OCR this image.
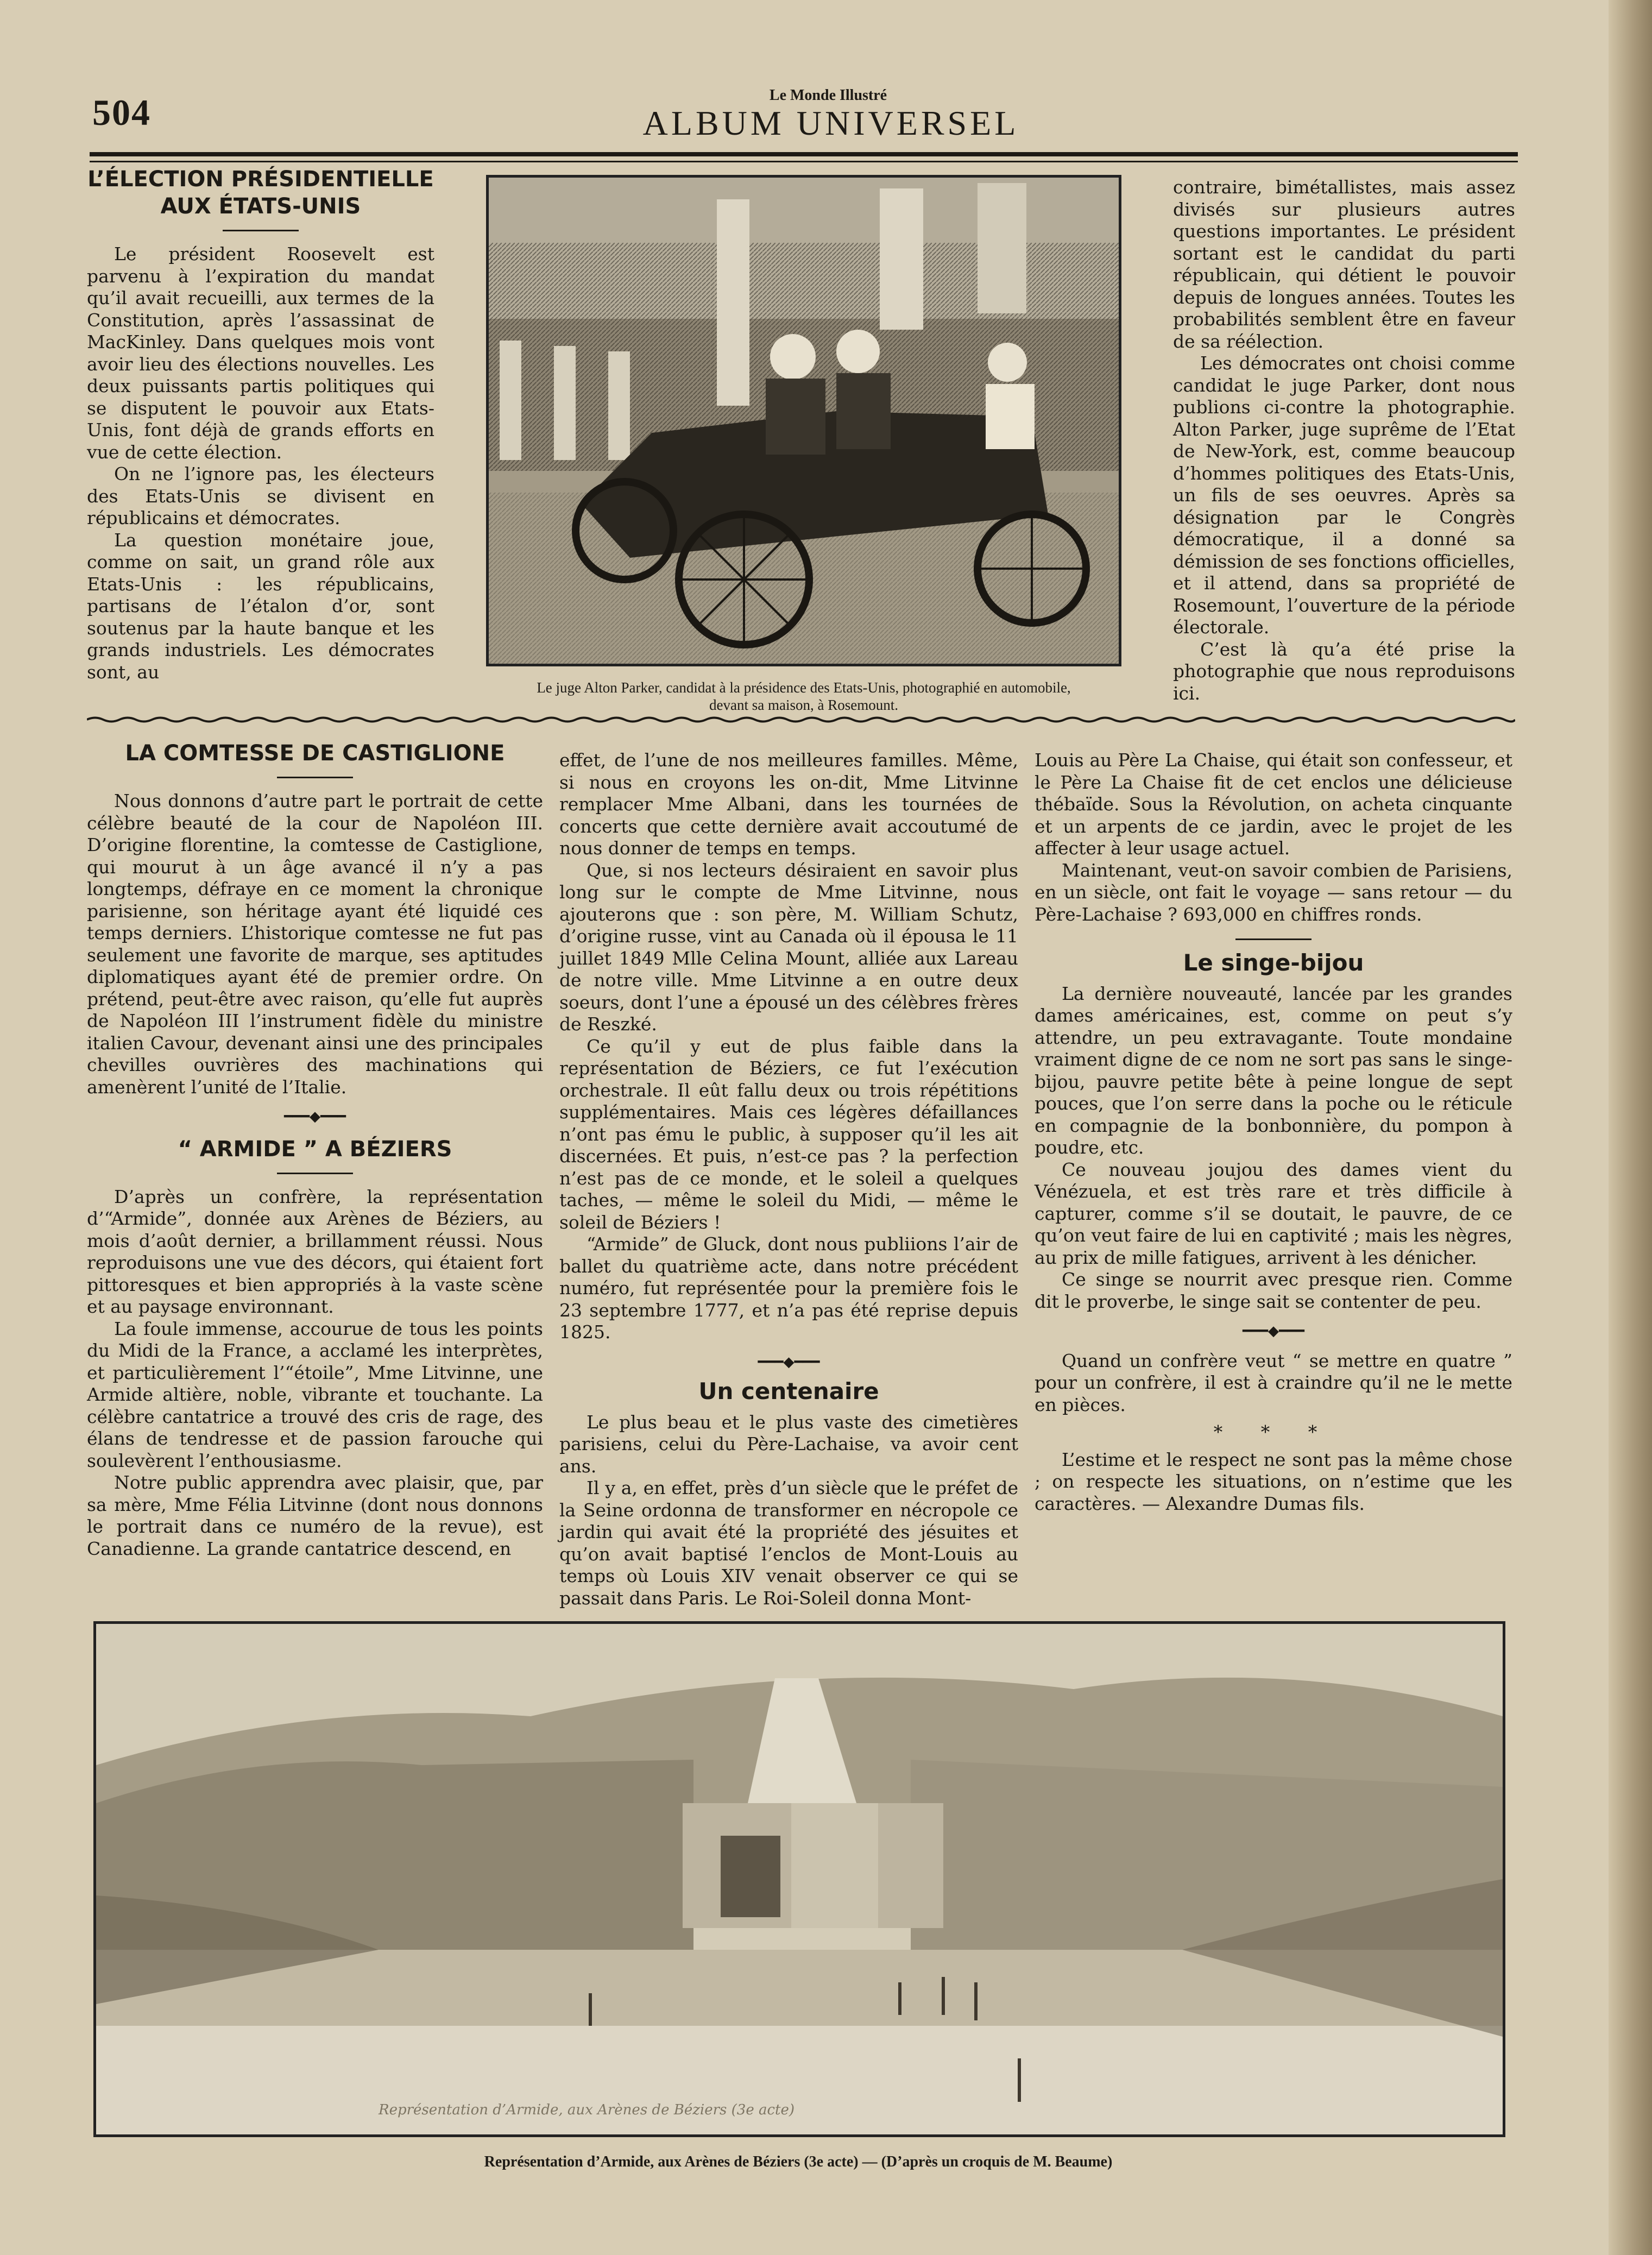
504	Le Monde Illustré
ALBUM UNIVERSEL
L’ÉLECTION PRÉSIDENTIELLE AUX ÉTATS-UNIS

Le président Roosevelt est parvenu à l’expiration du mandat qu’il avait recueilli, aux termes de la Constitution, après l’assassinat de MacKinley. Dans quelques mois vont avoir lieu des élections nouvelles. Les deux puissants partis politiques qui se disputent le pouvoir aux Etats-Unis, font déjà de grands efforts en vue de cette élection.

On ne l’ignore pas, les électeurs des Etats-Unis se divisent en républicains et démocrates.

La question monétaire joue, comme on sait, un grand rôle aux Etats-Unis : les républicains, partisans de l’étalon d’or, sont soutenus par la haute banque et les grands industriels. Les démocrates sont, au

Le juge Alton Parker, candidat à la présidence des Etats-Unis, photographié en automobile,
devant sa maison, à Rosemount.

contraire, bimétallistes, mais assez divisés sur plusieurs autres questions importantes. Le président sortant est le candidat du parti républicain, qui détient le pouvoir depuis de longues années. Toutes les probabilités semblent être en faveur de sa réélection.

Les démocrates ont choisi comme candidat le juge Parker, dont nous publions ci-contre la photographie. Alton Parker, juge suprême de l’Etat de New-York, est, comme beaucoup d’hommes politiques des Etats-Unis, un fils de ses oeuvres. Après sa désignation par le Congrès démocratique, il a donné sa démission de ses fonctions officielles, et il attend, dans sa propriété de Rosemount, l’ouverture de la période électorale.

C’est là qu’a été prise la photographie que nous reproduisons ici.

LA COMTESSE DE CASTIGLIONE

Nous donnons d’autre part le portrait de cette célèbre beauté de la cour de Napoléon III. D’origine florentine, la comtesse de Castiglione, qui mourut à un âge avancé il n’y a pas longtemps, défraye en ce moment la chronique parisienne, son héritage ayant été liquidé ces temps derniers. L’historique comtesse ne fut pas seulement une favorite de marque, ses aptitudes diplomatiques ayant été de premier ordre. On prétend, peut-être avec raison, qu’elle fut auprès de Napoléon III l’instrument fidèle du ministre italien Cavour, devenant ainsi une des principales chevilles ouvrières des machinations qui amenèrent l’unité de l’Italie.

━━━◆━━━
“ ARMIDE ” A BÉZIERS

D’après un confrère, la représentation d’“Armide”, donnée aux Arènes de Béziers, au mois d’août dernier, a brillamment réussi. Nous reproduisons une vue des décors, qui étaient fort pittoresques et bien appropriés à la vaste scène et au paysage environnant.

La foule immense, accourue de tous les points du Midi de la France, a acclamé les interprètes, et particulièrement l’“étoile”, Mme Litvinne, une Armide altière, noble, vibrante et touchante. La célèbre cantatrice a trouvé des cris de rage, des élans de tendresse et de passion farouche qui soulevèrent l’enthousiasme.

Notre public apprendra avec plaisir, que, par sa mère, Mme Félia Litvinne (dont nous donnons le portrait dans ce numéro de la revue), est Canadienne. La grande cantatrice descend, en

effet, de l’une de nos meilleures familles. Même, si nous en croyons les on-dit, Mme Litvinne remplacer Mme Albani, dans les tournées de concerts que cette dernière avait accoutumé de nous donner de temps en temps.

Que, si nos lecteurs désiraient en savoir plus long sur le compte de Mme Litvinne, nous ajouterons que : son père, M. William Schutz, d’origine russe, vint au Canada où il épousa le 11 juillet 1849 Mlle Celina Mount, alliée aux Lareau de notre ville. Mme Litvinne a en outre deux soeurs, dont l’une a épousé un des célèbres frères de Reszké.

Ce qu’il y eut de plus faible dans la représentation de Béziers, ce fut l’exécution orchestrale. Il eût fallu deux ou trois répétitions supplémentaires. Mais ces légères défaillances n’ont pas ému le public, à supposer qu’il les ait discernées. Et puis, n’est-ce pas ? la perfection n’est pas de ce monde, et le soleil a quelques taches, — même le soleil du Midi, — même le soleil de Béziers !

“Armide” de Gluck, dont nous publiions l’air de ballet du quatrième acte, dans notre précédent numéro, fut représentée pour la première fois le 23 septembre 1777, et n’a pas été reprise depuis 1825.

━━━◆━━━
Un centenaire

Le plus beau et le plus vaste des cimetières parisiens, celui du Père-Lachaise, va avoir cent ans.

Il y a, en effet, près d’un siècle que le préfet de la Seine ordonna de transformer en nécropole ce jardin qui avait été la propriété des jésuites et qu’on avait baptisé l’enclos de Mont-Louis au temps où Louis XIV venait observer ce qui se passait dans Paris. Le Roi-Soleil donna Mont-

Louis au Père La Chaise, qui était son confesseur, et le Père La Chaise fit de cet enclos une délicieuse thébaïde. Sous la Révolution, on acheta cinquante et un arpents de ce jardin, avec le projet de les affecter à leur usage actuel.

Maintenant, veut-on savoir combien de Parisiens, en un siècle, ont fait le voyage — sans retour — du Père-Lachaise ? 693,000 en chiffres ronds.

Le singe-bijou

La dernière nouveauté, lancée par les grandes dames américaines, est, comme on peut s’y attendre, un peu extravagante. Toute mondaine vraiment digne de ce nom ne sort pas sans le singe-bijou, pauvre petite bête à peine longue de sept pouces, que l’on serre dans la poche ou le réticule en compagnie de la bonbonnière, du pompon à poudre, etc.

Ce nouveau joujou des dames vient du Vénézuela, et est très rare et très difficile à capturer, comme s’il se doutait, le pauvre, de ce qu’on veut faire de lui en captivité ; mais les nègres, au prix de mille fatigues, arrivent à les dénicher.

Ce singe se nourrit avec presque rien. Comme dit le proverbe, le singe sait se contenter de peu.

━━━◆━━━

Quand un confrère veut “ se mettre en quatre ” pour un confrère, il est à craindre qu’il ne le mette en pièces.

* * *

L’estime et le respect ne sont pas la même chose ; on respecte les situations, on n’estime que les caractères. — Alexandre Dumas fils.

Représentation d’Armide, aux Arènes de Béziers (3e acte)
Représentation d’Armide, aux Arènes de Béziers (3e acte) — (D’après un croquis de M. Beaume)
